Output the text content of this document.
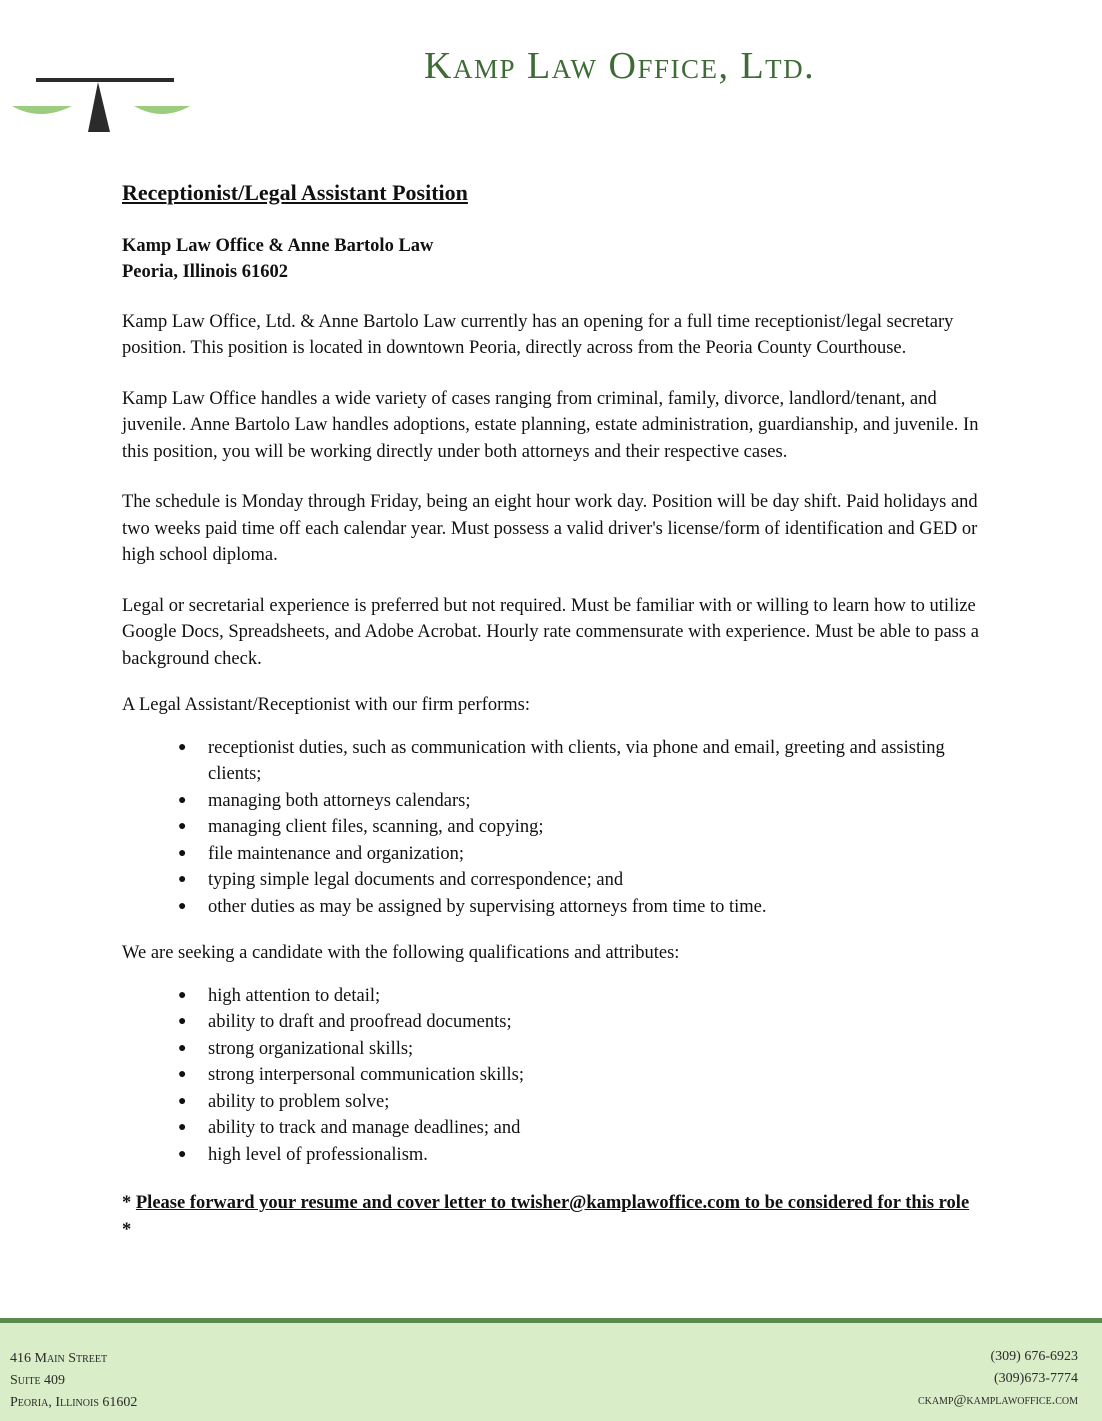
Kamp Law Office, Ltd.
Receptionist/Legal Assistant Position
Kamp Law Office & Anne Bartolo Law
Peoria, Illinois 61602

Kamp Law Office, Ltd. & Anne Bartolo Law currently has an opening for a full time receptionist/legal secretary position. This position is located in downtown Peoria, directly across from the Peoria County Courthouse.

Kamp Law Office handles a wide variety of cases ranging from criminal, family, divorce, landlord/tenant, and juvenile. Anne Bartolo Law handles adoptions, estate planning, estate administration, guardianship, and juvenile. In this position, you will be working directly under both attorneys and their respective cases.

The schedule is Monday through Friday, being an eight hour work day. Position will be day shift. Paid holidays and two weeks paid time off each calendar year. Must possess a valid driver's license/form of identification and GED or high school diploma.

Legal or secretarial experience is preferred but not required. Must be familiar with or willing to learn how to utilize Google Docs, Spreadsheets, and Adobe Acrobat. Hourly rate commensurate with experience. Must be able to pass a background check.

A Legal Assistant/Receptionist with our firm performs:

● receptionist duties, such as communication with clients, via phone and email, greeting and assisting clients;
● managing both attorneys calendars;
● managing client files, scanning, and copying;
● file maintenance and organization;
● typing simple legal documents and correspondence; and
● other duties as may be assigned by supervising attorneys from time to time.

We are seeking a candidate with the following qualifications and attributes:

● high attention to detail;
● ability to draft and proofread documents;
● strong organizational skills;
● strong interpersonal communication skills;
● ability to problem solve;
● ability to track and manage deadlines; and
● high level of professionalism.
* Please forward your resume and cover letter to twisher@kamplawoffice.com to be considered for this role *
416 Main Street
Suite 409
Peoria, Illinois 61602
(309) 676-6923
(309)673-7774
ckamp@kamplawoffice.com
